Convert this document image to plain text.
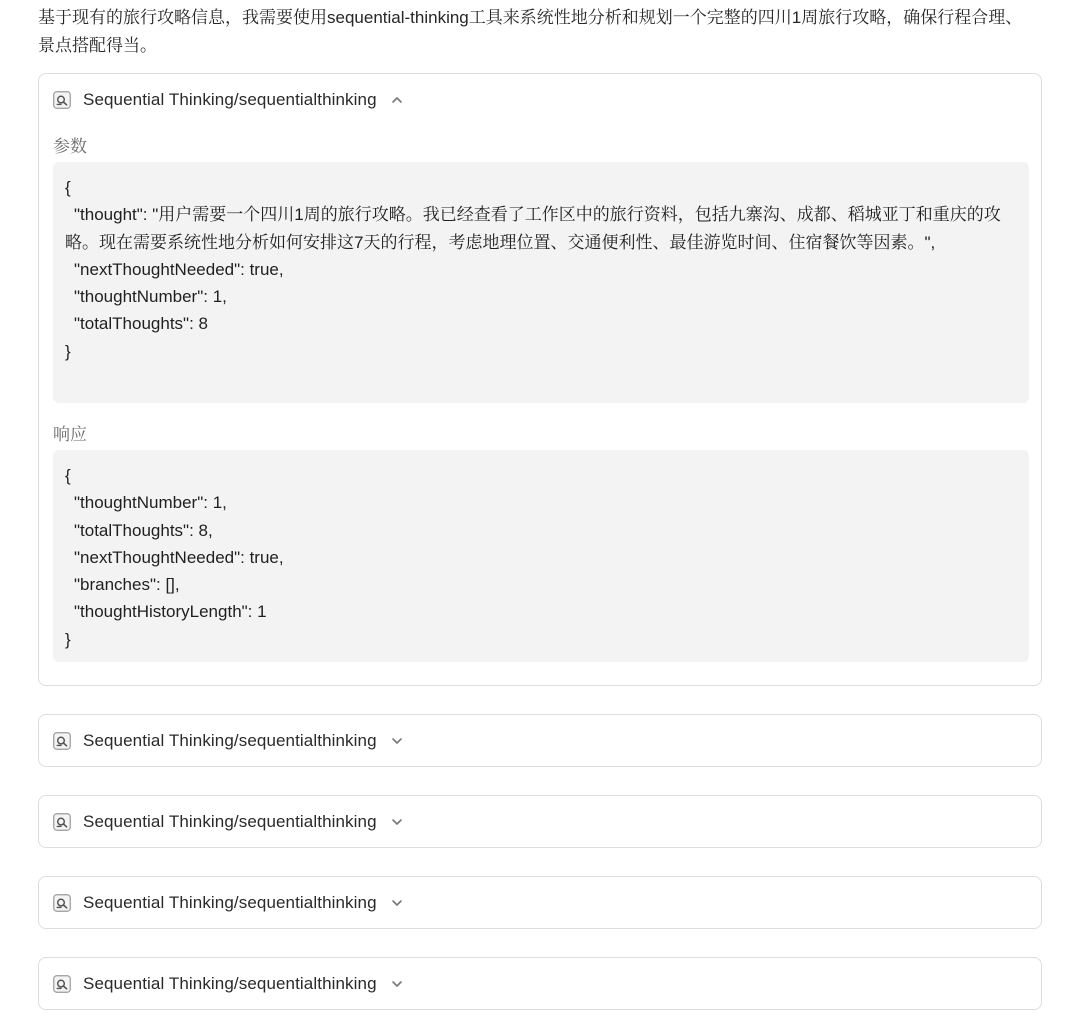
基于现有的旅行攻略信息，我需要使用sequential-thinking工具来系统性地分析和规划一个完整的四川1周旅行攻略，确保行程合理、景点搭配得当。
Sequential Thinking/sequentialthinking
参数
{
"thought": "用户需要一个四川1周的旅行攻略。我已经查看了工作区中的旅行资料，包括九寨沟、成都、稻城亚丁和重庆的攻略。现在需要系统性地分析如何安排这7天的行程，考虑地理位置、交通便利性、最佳游览时间、住宿餐饮等因素。",
"nextThoughtNeeded": true,
"thoughtNumber": 1,
"totalThoughts": 8
}
响应
{
"thoughtNumber": 1,
"totalThoughts": 8,
"nextThoughtNeeded": true,
"branches": [],
"thoughtHistoryLength": 1
}
Sequential Thinking/sequentialthinking
Sequential Thinking/sequentialthinking
Sequential Thinking/sequentialthinking
Sequential Thinking/sequentialthinking
